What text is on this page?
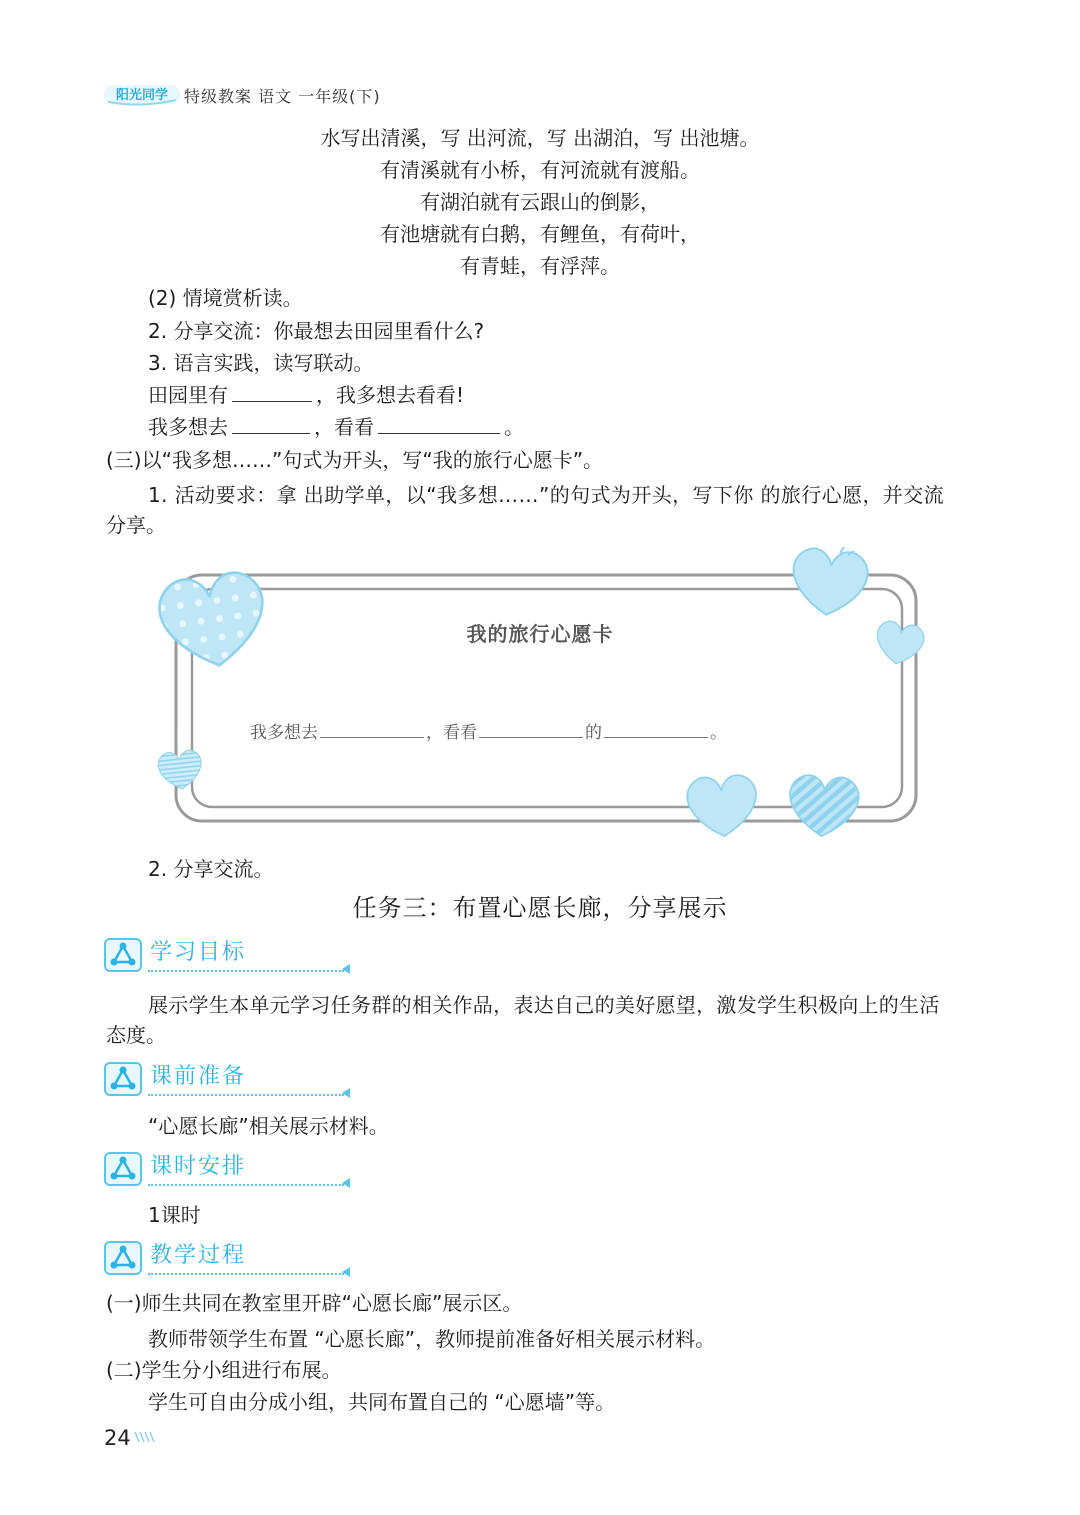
阳光同学 特级教案 语文 一年级(下)
水写出清溪，写 出河流，写 出湖泊，写 出池塘。
有清溪就有小桥，有河流就有渡船。
有湖泊就有云跟山的倒影，
有池塘就有白鹅，有鲤鱼，有荷叶，
有青蛙，有浮萍。
(2) 情境赏析读。
2. 分享交流：你最想去田园里看什么?
3. 语言实践，读写联动。
田园里有	，我多想去看看!
我多想去	，看看	。
(三)以“我多想……”句式为开头，写“我的旅行心愿卡”。
1. 活动要求：拿 出助学单，以“我多想……”的句式为开头，写下你 的旅行心愿，并交流
分享。
我的旅行心愿卡
我多想去	，看看	的	。
2. 分享交流。
任务三：布置心愿长廊，分享展示
学习目标
展示学生本单元学习任务群的相关作品，表达自己的美好愿望，激发学生积极向上的生活
态度。
课前准备
“心愿长廊”相关展示材料。
课时安排
1课时
教学过程
(一)师生共同在教室里开辟“心愿长廊”展示区。
教师带领学生布置 “心愿长廊”，教师提前准备好相关展示材料。
(二)学生分小组进行布展。
学生可自由分成小组，共同布置自己的 “心愿墙”等。
24
